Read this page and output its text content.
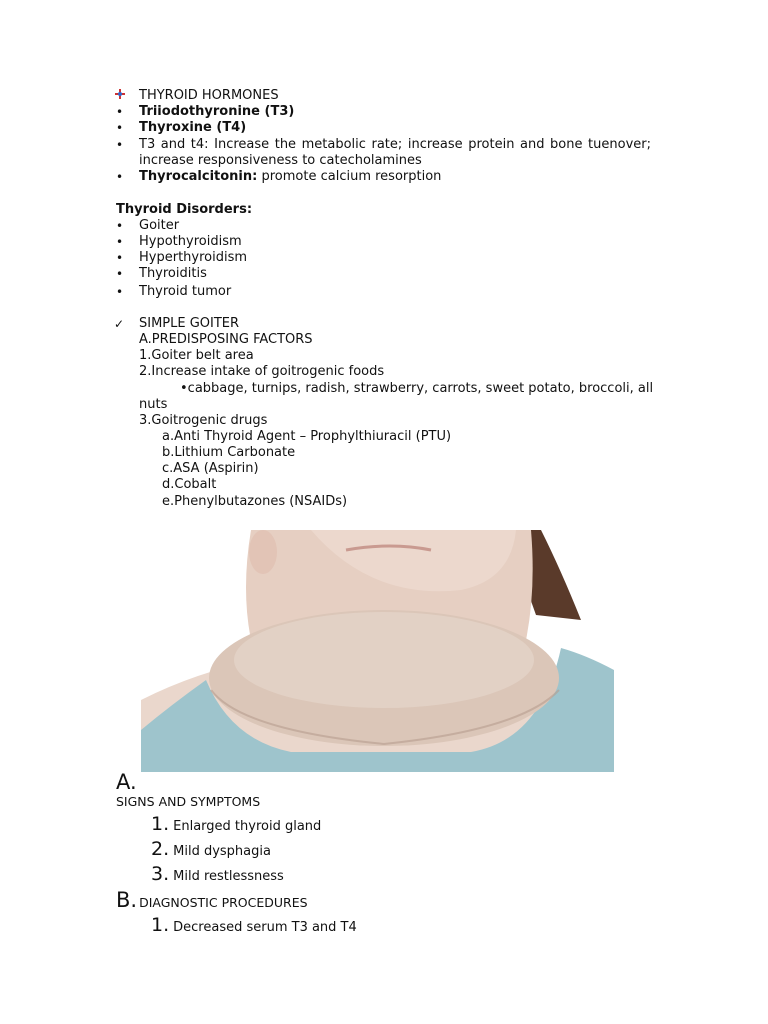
THYROID HORMONES
• Triiodothyronine (T3)
• Thyroxine (T4)
• T3 and t4: Increase the metabolic rate; increase protein and bone tuenover; increase responsiveness to catecholamines
• Thyrocalcitonin: promote calcium resorption
Thyroid Disorders:
• Goiter
• Hypothyroidism
• Hyperthyroidism
• Thyroiditis
• Thyroid tumor
✓ SIMPLE GOITER
A.PREDISPOSING FACTORS
1.Goiter belt area
2.Increase intake of goitrogenic foods
•cabbage, turnips, radish, strawberry, carrots, sweet potato, broccoli, all
nuts
3.Goitrogenic drugs
a.Anti Thyroid Agent – Prophylthiuracil (PTU)
b.Lithium Carbonate
c.ASA (Aspirin)
d.Cobalt
e.Phenylbutazones (NSAIDs)
A.
SIGNS AND SYMPTOMS
1. Enlarged thyroid gland
2. Mild dysphagia
3. Mild restlessness
B. DIAGNOSTIC PROCEDURES
1. Decreased serum T3 and T4
